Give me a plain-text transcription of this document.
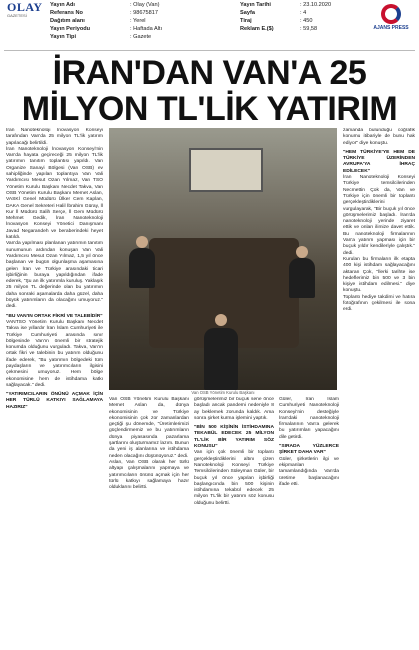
OLAY
GAZETESİ
Yayın Adı	: Olay (Van)
Referans No	: 98675817
Dağıtım alanı	: Yerel
Yayın Periyodu	: Haftada Altı
Yayın Tipi	: Gazete
Yayın Tarihi	: 23.10.2020
Sayfa	: 4
Tiraj	: 450
Reklam E.($)	: 59,58	AJANS PRESS
İRAN'DAN VAN'A 25
MİLYON TL'LİK YATIRIM

İran Nanoteknoloji İnovasyon Konseyi tarafından Van'da 25 milyon TL'lik yatırım yapılacağı belirtildi.

İran Nanoteknoloji İnovasyon Konseyi'nin Van'da hayata geçireceği 25 milyon TL'lik yatırımın tanıtım toplantısı yapıldı. Van Organize Sanayi Bölgesi (Van OSB) ev sahipliğinde yapılan toplantıya Van Vali Yardımcısı Mesut Ozan Yılmaz, Van TSO Yönetim Kurulu Başkanı Necdet Takva, Van OSB Yönetim Kurulu Başkanı Memet Aslan, VASKİ Genel Müdürü Ülker Cem Kaplan, DAKA Genel Sekreteri Halil İbrahim Güray, İl Kur İl Müdürü Salih Serçe, İl Gem Müdürü Mehmet Gedik, İran Nanoteknoloji İnovasyon Konseyi Yönetici Danışmanı Javad Negarandeh ve beraberindeki heyet katıldı.

Van'da yapılması planlanan yatırımın tanıtım sunumunun ardından konuşan Van Vali Yardımcısı Mesut Ozan Yılmaz, 1,5 yıl önce başlanan ve bugün olgunlaşma aşamasına gelen İran ve Türkiye arasındaki ticari işbirliğinin buraya yapıldığından ifade ederek, "Şu an ilk yatırımla kuruluş. Yaklaşık 25 milyon TL değerinde olan bu yatırımın daha sonraki aşamalarda daha güzel, daha büyük yatırımların da olacağını umuyoruz." dedi.

"BU VAN'IN ORTAK FİKRİ VE TALEBİDİR"

VANTSO Yönetim Kurulu Başkanı Necdet Takva ise yıllardır İran İslam Cumhuriyeti ile Türkiye Cumhuriyeti arasında sınır bölgesinde Van'ın önemli bir stratejik konumda olduğunu vurguladı. Takva, Van'ın ortak fikri ve talebinin bu yatırım olduğunu ifade ederek, "Bu yatırımın bölgedeki tüm paydaşların ve yatırımcıların ilgisini çekmesini umuyoruz. Hem bölge ekonomisine hem de istihdama katkı sağlayacak." dedi.

"YATIRIMCILARIN ÖNÜNÜ AÇMAK İÇİN HER TÜRLÜ KATKIYI SAĞLAMAYA HAZIRIZ"

Van OSB Yönetim Kurulu Başkanı

Van OSB Yönetim Kurulu Başkanı Memet Aslan da, dünya ekonomisinin ve Türkiye ekonomisinin çok zor zamanlardan geçtiği şu dönemde, "Üretimlerimizi güçlendirmemiz ve bu yatırımların dünya piyasasında pazarlama şartlarını oluşturmamız lazım. Bunun da yeni iş alanlarına ve istihdama neden olacağını düşünüyoruz." dedi.

Aslan, Van OSB olarak her türlü altyapı çalışmalarını yapmaya ve yatırımcıların önünü açmak için her türlü katkıyı sağlamaya hazır olduklarını belirtti.

görüşmelerimiz bir buçuk sene önce başladı ancak pandemi nedeniyle 8 ay beklemek zorunda kaldık. Ama sonra şirket kurma işlemini yaptık.

"BİN 500 KİŞİNİN İSTİHDAMINA TEKABÜL EDECEK 25 MİLYON TL'LİK BİR YATIRIM SÖZ KONUSU"

Van için çok önemli bir toplantı gerçekleştirdiklerini altını çizen Nanoteknoloji Konseyi Türkiye Temsilcilerinden Süleyman Güler, bir buçuk yıl önce yapılan işbirliği başlangıcında bin 500 kişinin istihdamına tekabül edecek 25 milyon TL'lik bir yatırım söz konusu olduğunu belirtti.

Güler, İran İslam Cumhuriyeti Nanoteknoloji Konseyi'nin desteğiyle İran'daki nanoteknoloji firmalarının Van'a gelerek bu yatırımları yapacağını dile getirdi.

"SIRADA YÜZLERCE ŞİRKET DAHA VAR"

Güler, şirketlerin ilgi ve ekipmanları tamamlandığında Van'da üretime başlanacağını ifade etti.

zamanda bulunduğu coğrafik konumu itibariyle de bunu hak ediyor" diye konuştu.

"HEM TÜRKİYE'YE HEM DE TÜRKİYE ÜZERİNDEN AVRUPA'YA İHRAÇ EDİLECEK"

İran Nanoteknoloji Konseyi Türkiye temsilcilerinden Necmettin Çok da, Van ve Türkiye için önemli bir toplantı gerçekleştirdiklerini vurgulayarak, "Bir buçuk yıl önce görüşmelerimiz başladı. İran'da nanoteknoloji yerinde ziyaret ettik ve onları ilimize davet ettik. Bu nanoteknoloji firmalarının Van'a yatırım yapması için bir buçuk yıldır kendileriyle çalıştık." dedi.

Kurulan bu firmaların ilk etapta 400 kişi istihdam sağlayacağını aktaran Çok, "İlerki tarihte ise hedeflerimiz bin 500 ve 3 bin kişiye istihdam edilmesi." diye konuştu.

Toplantı hediye takdimi ve hatıra fotoğrafının çekilmesi ile sona erdi.
